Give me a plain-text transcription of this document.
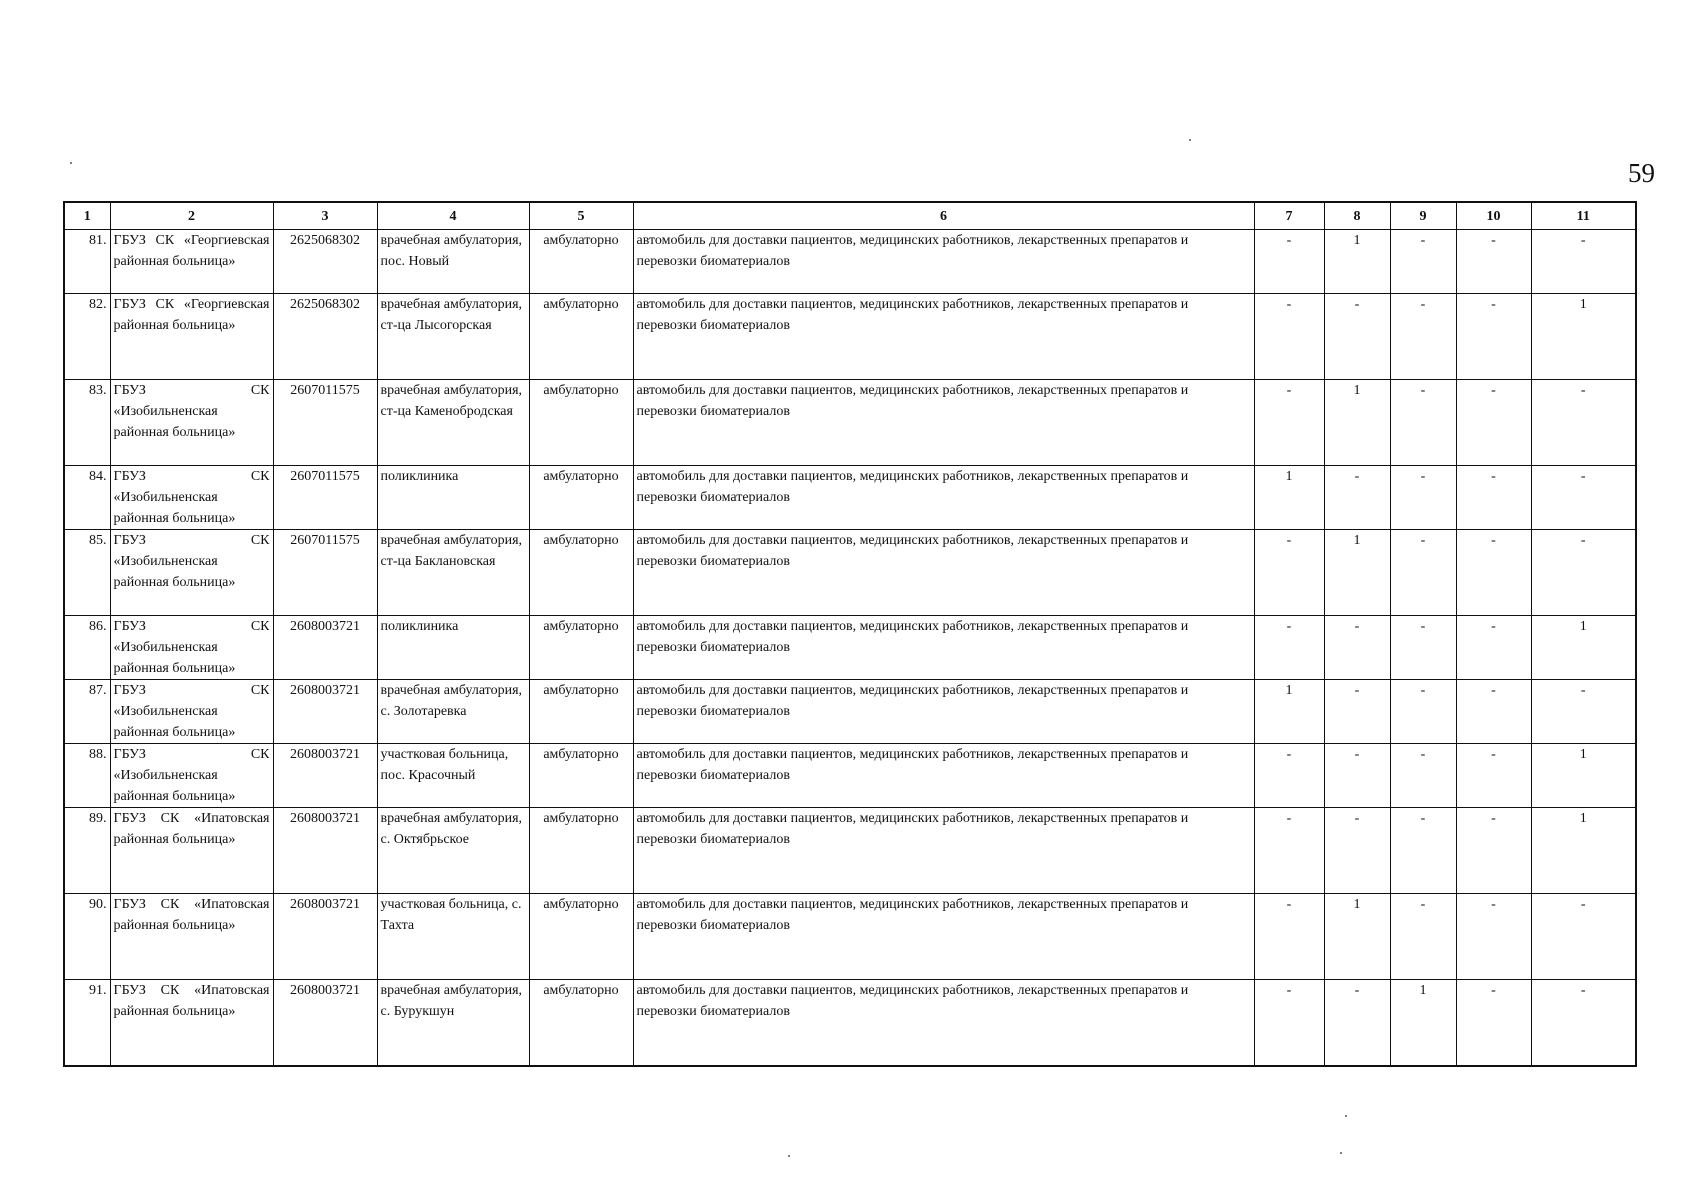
59
1	2	3	4	5	6	7	8	9	10	11
81.	ГБУЗ СК «Георгиевская районная больница»	2625068302	врачебная амбулатория, пос. Новый	амбулаторно	автомобиль для доставки пациентов, медицинских работников, лекарственных препаратов и перевозки биоматериалов	-	1	-	-	-
82.	ГБУЗ СК «Георгиевская районная больница»	2625068302	врачебная амбулатория, ст-ца Лысогорская	амбулаторно	автомобиль для доставки пациентов, медицинских работников, лекарственных препаратов и перевозки биоматериалов	-	-	-	-	1
83.	ГБУЗ СК «Изобильненская районная больница»	2607011575	врачебная амбулатория, ст-ца Каменобродская	амбулаторно	автомобиль для доставки пациентов, медицинских работников, лекарственных препаратов и перевозки биоматериалов	-	1	-	-	-
84.	ГБУЗ СК «Изобильненская районная больница»	2607011575	поликлиника	амбулаторно	автомобиль для доставки пациентов, медицинских работников, лекарственных препаратов и перевозки биоматериалов	1	-	-	-	-
85.	ГБУЗ СК «Изобильненская районная больница»	2607011575	врачебная амбулатория, ст-ца Баклановская	амбулаторно	автомобиль для доставки пациентов, медицинских работников, лекарственных препаратов и перевозки биоматериалов	-	1	-	-	-
86.	ГБУЗ СК «Изобильненская районная больница»	2608003721	поликлиника	амбулаторно	автомобиль для доставки пациентов, медицинских работников, лекарственных препаратов и перевозки биоматериалов	-	-	-	-	1
87.	ГБУЗ СК «Изобильненская районная больница»	2608003721	врачебная амбулатория, с. Золотаревка	амбулаторно	автомобиль для доставки пациентов, медицинских работников, лекарственных препаратов и перевозки биоматериалов	1	-	-	-	-
88.	ГБУЗ СК «Изобильненская районная больница»	2608003721	участковая больница, пос. Красочный	амбулаторно	автомобиль для доставки пациентов, медицинских работников, лекарственных препаратов и перевозки биоматериалов	-	-	-	-	1
89.	ГБУЗ СК «Ипатовская районная больница»	2608003721	врачебная амбулатория, с. Октябрьское	амбулаторно	автомобиль для доставки пациентов, медицинских работников, лекарственных препаратов и перевозки биоматериалов	-	-	-	-	1
90.	ГБУЗ СК «Ипатовская районная больница»	2608003721	участковая больница, с. Тахта	амбулаторно	автомобиль для доставки пациентов, медицинских работников, лекарственных препаратов и перевозки биоматериалов	-	1	-	-	-
91.	ГБУЗ СК «Ипатовская районная больница»	2608003721	врачебная амбулатория, с. Бурукшун	амбулаторно	автомобиль для доставки пациентов, медицинских работников, лекарственных препаратов и перевозки биоматериалов	-	-	1	-	-
